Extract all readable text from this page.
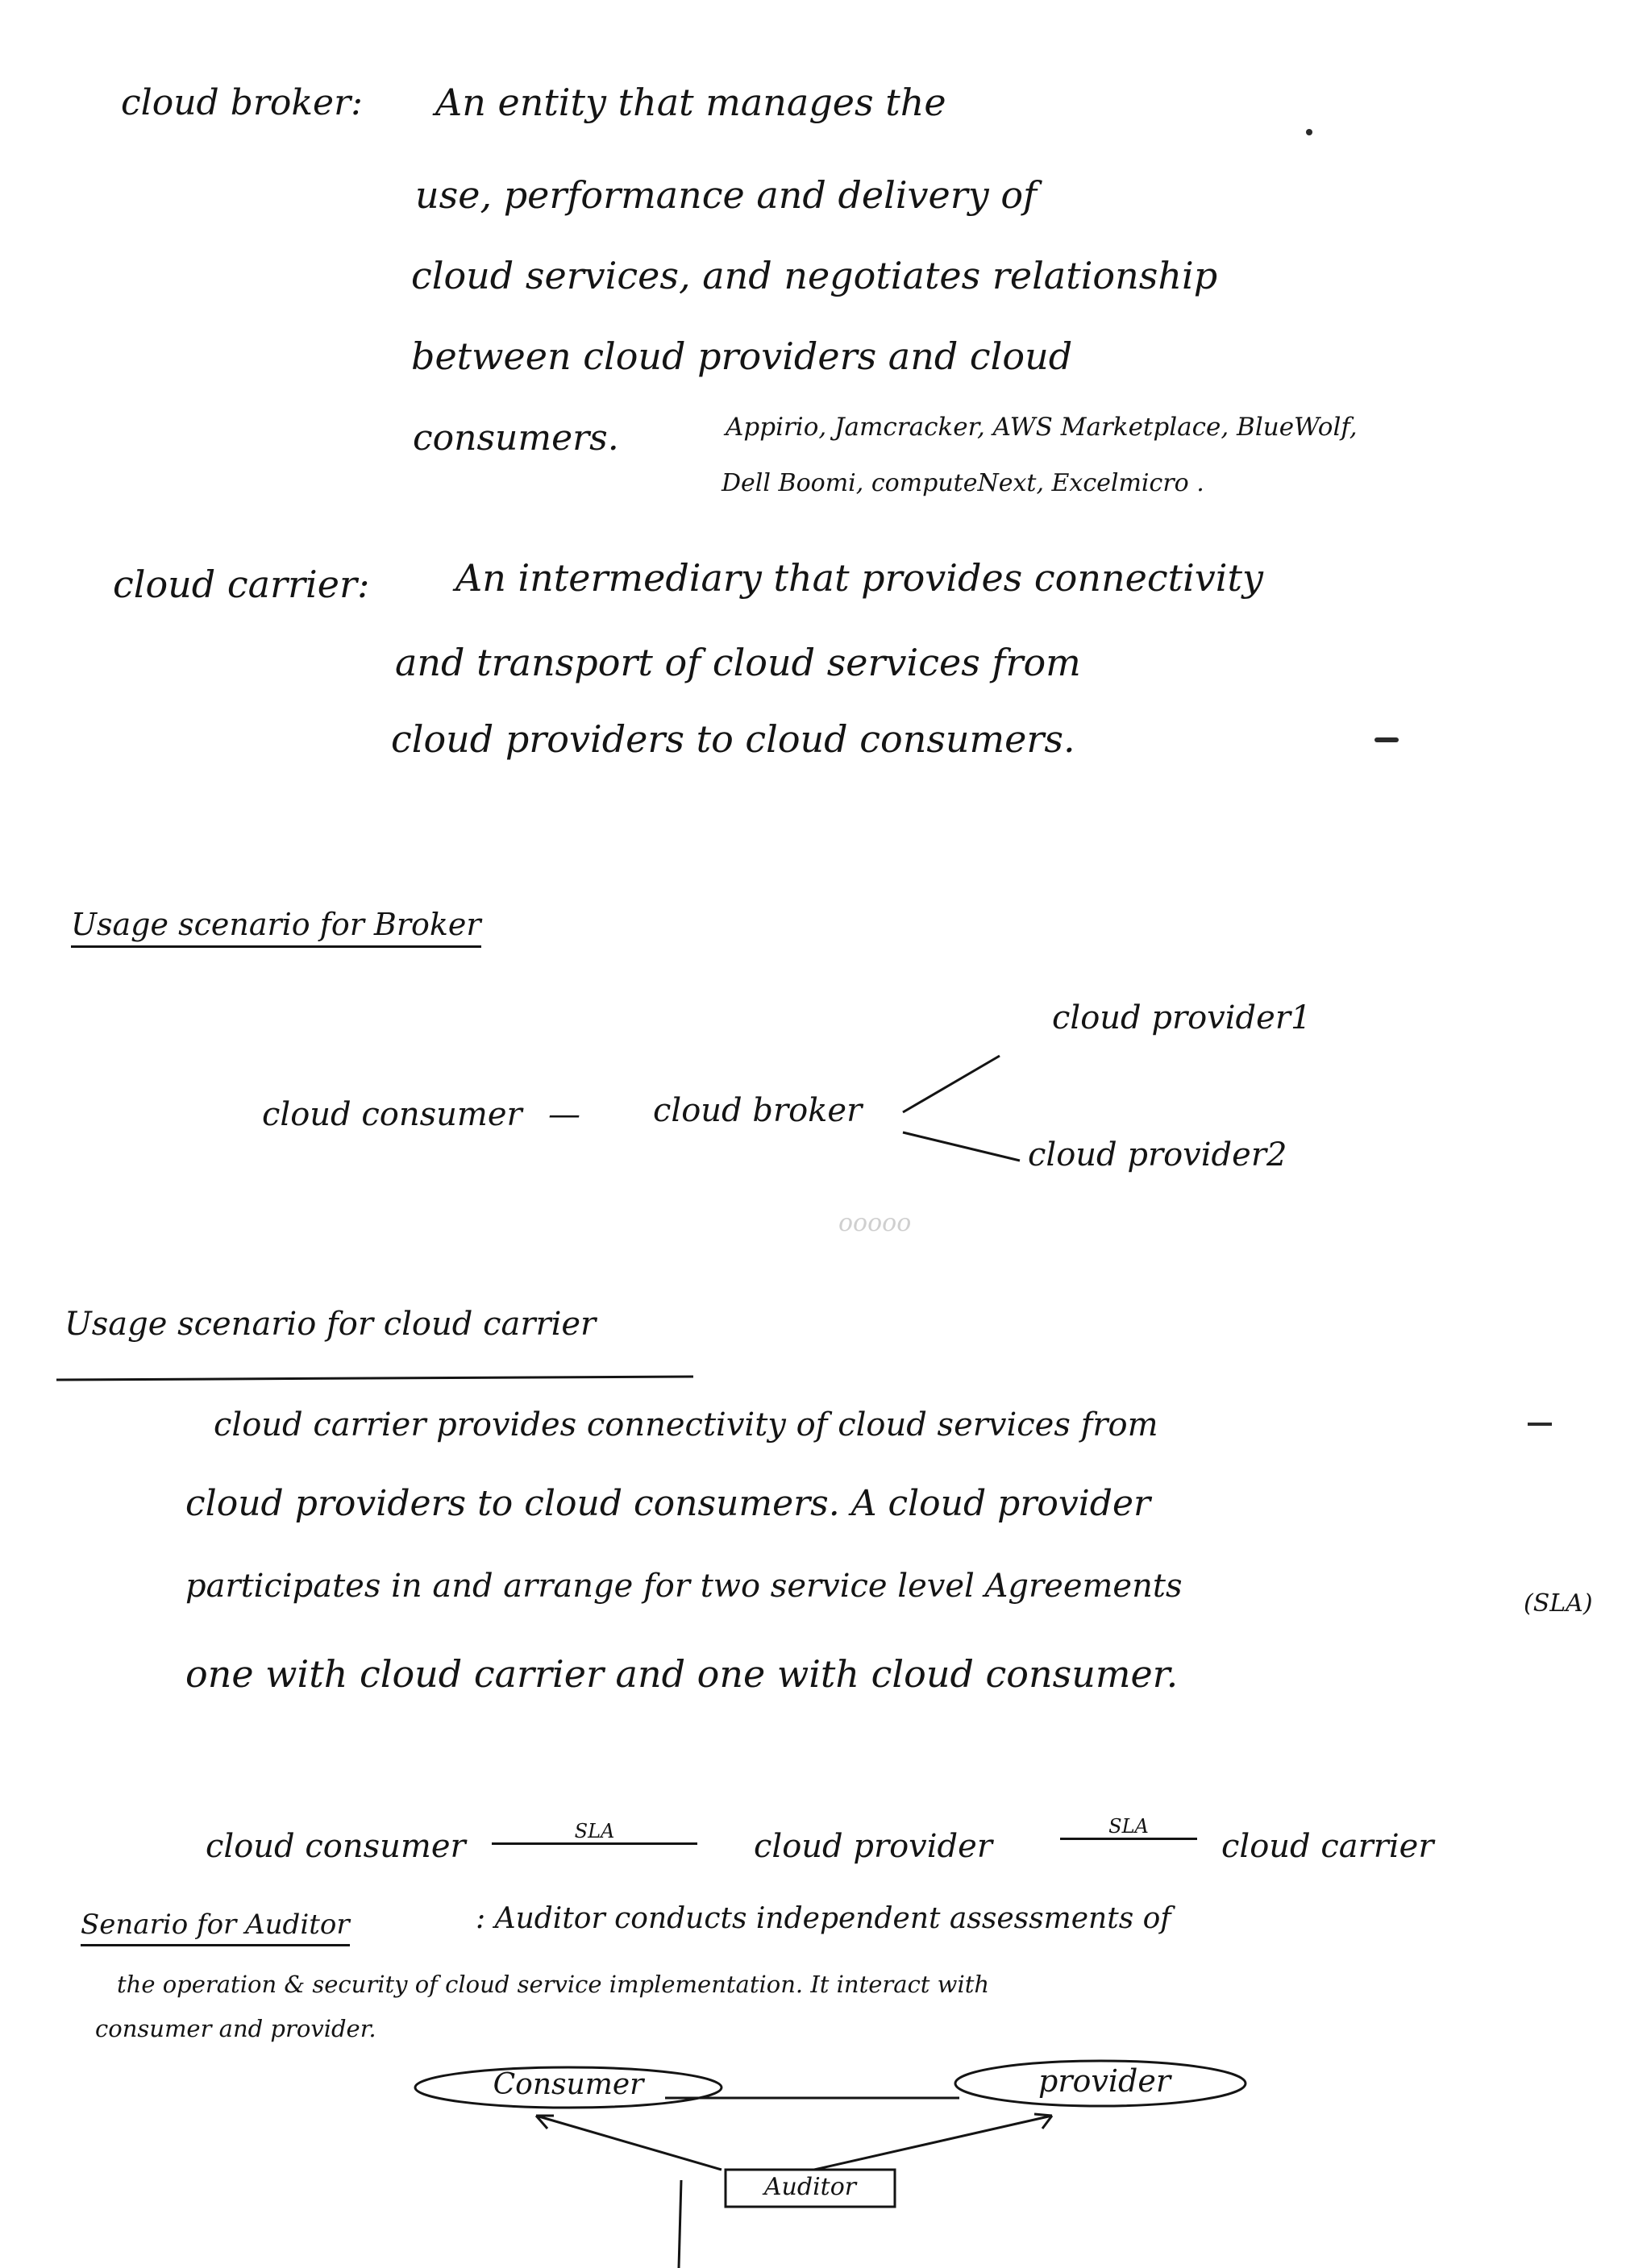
ooooo
cloud broker: An entity that manages the
use, performance and delivery of
cloud services, and negotiates relationship
between cloud providers and cloud
consumers.	Appirio, Jamcracker, AWS Marketplace, BlueWolf,
Dell Boomi, computeNext, Excelmicro .
cloud carrier: An intermediary that provides connectivity
and transport of cloud services from
cloud providers to cloud consumers.
Usage scenario for Broker
cloud provider1
cloud consumer — cloud broker
cloud provider2
Usage scenario for cloud carrier
cloud carrier provides connectivity of cloud services from
cloud providers to cloud consumers. A cloud provider
participates in and arrange for two service level Agreements	(SLA)
one with cloud carrier and one with cloud consumer.
cloud consumer	SLA	cloud provider
SLA
cloud carrier
Senario for Auditor	: Auditor conducts independent assessments of
the operation & security of cloud service implementation. It interact with
consumer and provider.
Consumer	provider
Auditor
